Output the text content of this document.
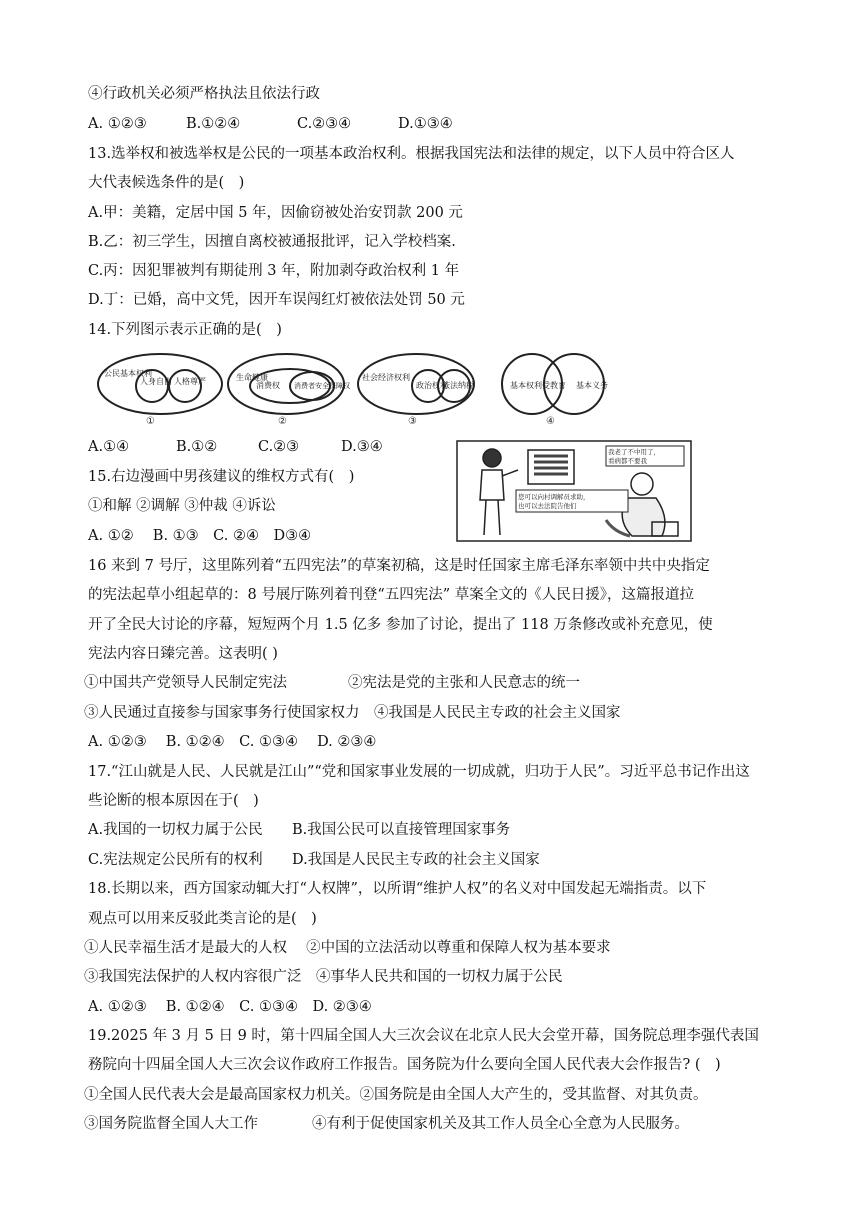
④行政机关必须严格执法且依法行政
A. ①②③	B.①②④	C.②③④	D.①③④
13.选举权和被选举权是公民的一项基本政治权利。根据我国宪法和法律的规定，以下人员中符合区人
大代表候选条件的是(　)
A.甲：美籍，定居中国 5 年，因偷窃被处治安罚款 200 元
B.乙：初三学生，因擅自离校被通报批评，记入学校档案.
C.丙：因犯罪被判有期徒刑 3 年，附加剥夺政治权利 1 年
D.丁：已婚，高中文凭，因开车误闯红灯被依法处罚 50 元
14.下列图示表示正确的是(　)
公民基本权利
人身自由 人格尊严
①
生命健康
消费权 消费者安全保障权
②
社会经济权利
政治权利
依法纳税
③
基本权利 受教育 基本义务
④
A.①④	B.①②	C.②③	D.③④
15.右边漫画中男孩建议的维权方式有(　)
①和解 ②调解 ③仲裁 ④诉讼
A. ①②　 B. ①③　C. ②④　D③④
我老了不中用了，
看病都不要我
您可以向村调解员求助，
也可以去法院告他们
16 来到 7 号厅，这里陈列着“五四宪法”的草案初稿，这是时任国家主席毛泽东率领中共中央指定
的宪法起草小组起草的：8 号展厅陈列着刊登“五四宪法” 草案全文的《人民日援》，这篇报道拉
开了全民大讨论的序幕，短短两个月 1.5 亿多 参加了讨论，提出了 118 万条修改或补充意见，使
宪法内容日臻完善。这表明( )
①中国共产党领导人民制定宪法	②宪法是党的主张和人民意志的统一
③人民通过直接参与国家事务行使国家权力　④我国是人民民主专政的社会主义国家
A. ①②③　 B. ①②④　C. ①③④　 D. ②③④
17.“江山就是人民、人民就是江山”“党和国家事业发展的一切成就，归功于人民”。习近平总书记作出这
些论断的根本原因在于(　)
A.我国的一切权力属于公民 B.我国公民可以直接管理国家事务
C.宪法规定公民所有的权利 D.我国是人民民主专政的社会主义国家
18.长期以来，西方国家动辄大打“人权牌”，以所谓“维护人权”的名义对中国发起无端指责。以下
观点可以用来反驳此类言论的是(　)
①人民幸福生活才是最大的人权　 ②中国的立法活动以尊重和保障人权为基本要求
③我国宪法保护的人权内容很广泛　④事华人民共和国的一切权力属于公民
A. ①②③　 B. ①②④　C. ①③④　D. ②③④
19.2025 年 3 月 5 日 9 时，第十四届全国人大三次会议在北京人民大会堂开幕，国务院总理李强代表国
務院向十四届全国人大三次会议作政府工作报告。国务院为什么要向全国人民代表大会作报告? (　)
①全国人民代表大会是最高国家权力机关。②国务院是由全国人大产生的，受其监督、对其负责。
③国务院监督全国人大工作	④有利于促使国家机关及其工作人员全心全意为人民服务。
